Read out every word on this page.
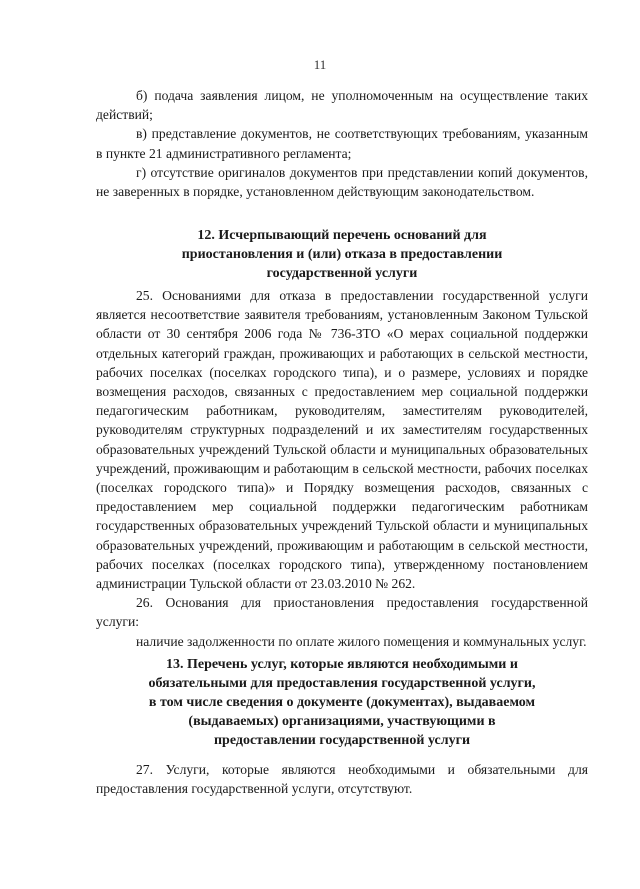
11

б) подача заявления лицом, не уполномоченным на осуществление таких действий;

в) представление документов, не соответствующих требованиям, указанным в пункте 21 административного регламента;

г) отсутствие оригиналов документов при представлении копий документов, не заверенных в порядке, установленном действующим законодательством.

12. Исчерпывающий перечень оснований для
приостановления и (или) отказа в предоставлении
государственной услуги

25. Основаниями для отказа в предоставлении государственной услуги является несоответствие заявителя требованиям, установленным Законом Тульской области от 30 сентября 2006 года № 736-ЗТО «О мерах социальной поддержки отдельных категорий граждан, проживающих и работающих в сельской местности, рабочих поселках (поселках городского типа), и о размере, условиях и порядке возмещения расходов, связанных с предоставлением мер социальной поддержки педагогическим работникам, руководителям, заместителям руководителей, руководителям структурных подразделений и их заместителям государственных образовательных учреждений Тульской области и муниципальных образовательных учреждений, проживающим и работающим в сельской местности, рабочих поселках (поселках городского типа)» и Порядку возмещения расходов, связанных с предоставлением мер социальной поддержки педагогическим работникам государственных образовательных учреждений Тульской области и муниципальных образовательных учреждений, проживающим и работающим в сельской местности, рабочих поселках (поселках городского типа), утвержденному постановлением администрации Тульской области от 23.03.2010 № 262.

26. Основания для приостановления предоставления государственной услуги:

наличие задолженности по оплате жилого помещения и коммунальных услуг.

13. Перечень услуг, которые являются необходимыми и
обязательными для предоставления государственной услуги,
в том числе сведения о документе (документах), выдаваемом
(выдаваемых) организациями, участвующими в
предоставлении государственной услуги

27. Услуги, которые являются необходимыми и обязательными для предоставления государственной услуги, отсутствуют.
